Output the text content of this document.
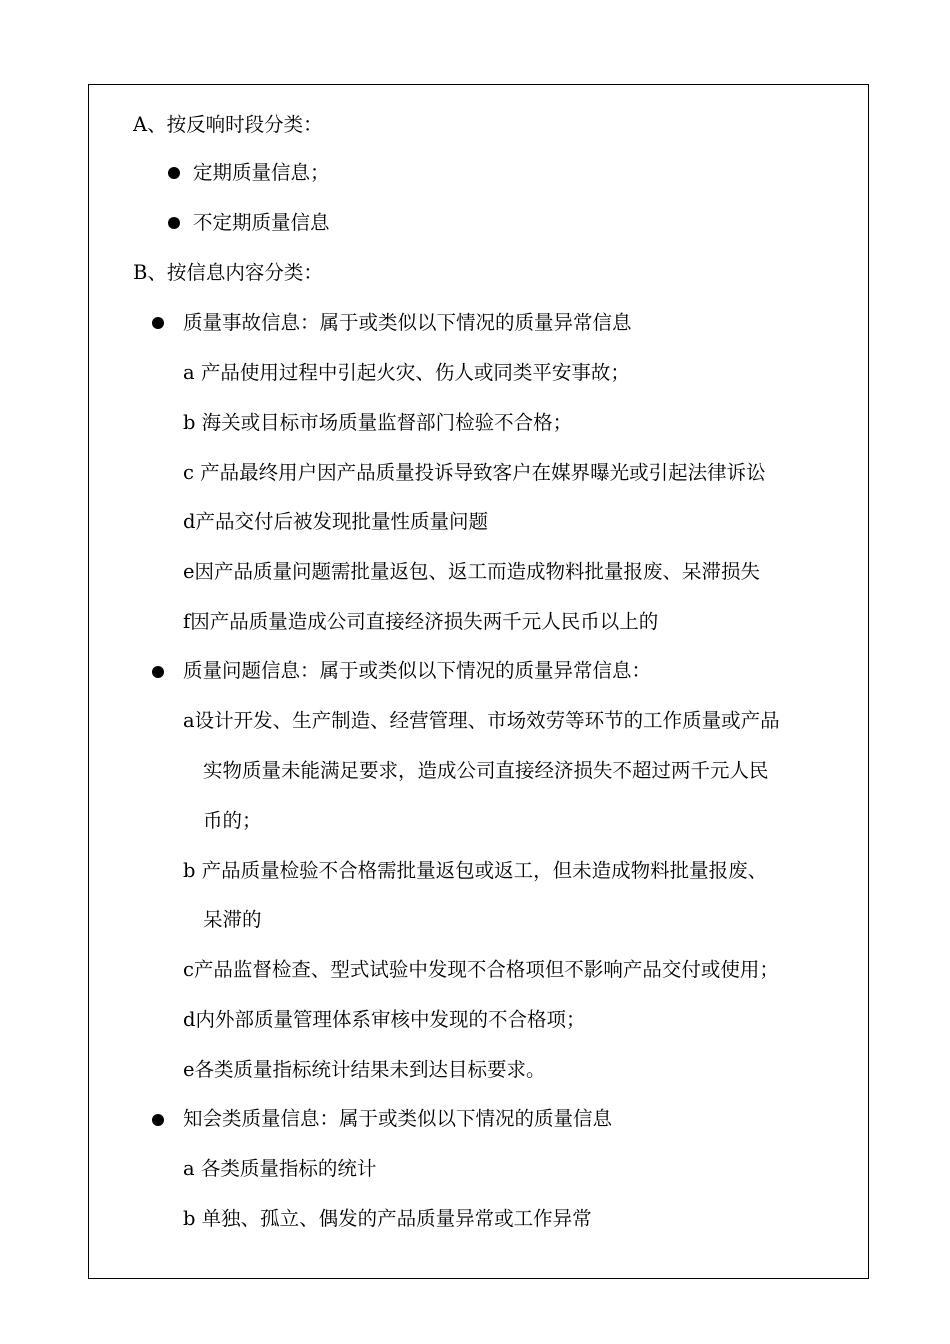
A、按反响时段分类：
定期质量信息；
不定期质量信息
B、按信息内容分类：
质量事故信息：属于或类似以下情况的质量异常信息
a 产品使用过程中引起火灾、伤人或同类平安事故；
b 海关或目标市场质量监督部门检验不合格；
c 产品最终用户因产品质量投诉导致客户在媒界曝光或引起法律诉讼
d产品交付后被发现批量性质量问题
e因产品质量问题需批量返包、返工而造成物料批量报废、呆滞损失
f因产品质量造成公司直接经济损失两千元人民币以上的
质量问题信息：属于或类似以下情况的质量异常信息：
a设计开发、生产制造、经营管理、市场效劳等环节的工作质量或产品
实物质量未能满足要求，造成公司直接经济损失不超过两千元人民
币的；
b 产品质量检验不合格需批量返包或返工，但未造成物料批量报废、
呆滞的
c产品监督检查、型式试验中发现不合格项但不影响产品交付或使用；
d内外部质量管理体系审核中发现的不合格项；
e各类质量指标统计结果未到达目标要求。
知会类质量信息：属于或类似以下情况的质量信息
a 各类质量指标的统计
b 单独、孤立、偶发的产品质量异常或工作异常
